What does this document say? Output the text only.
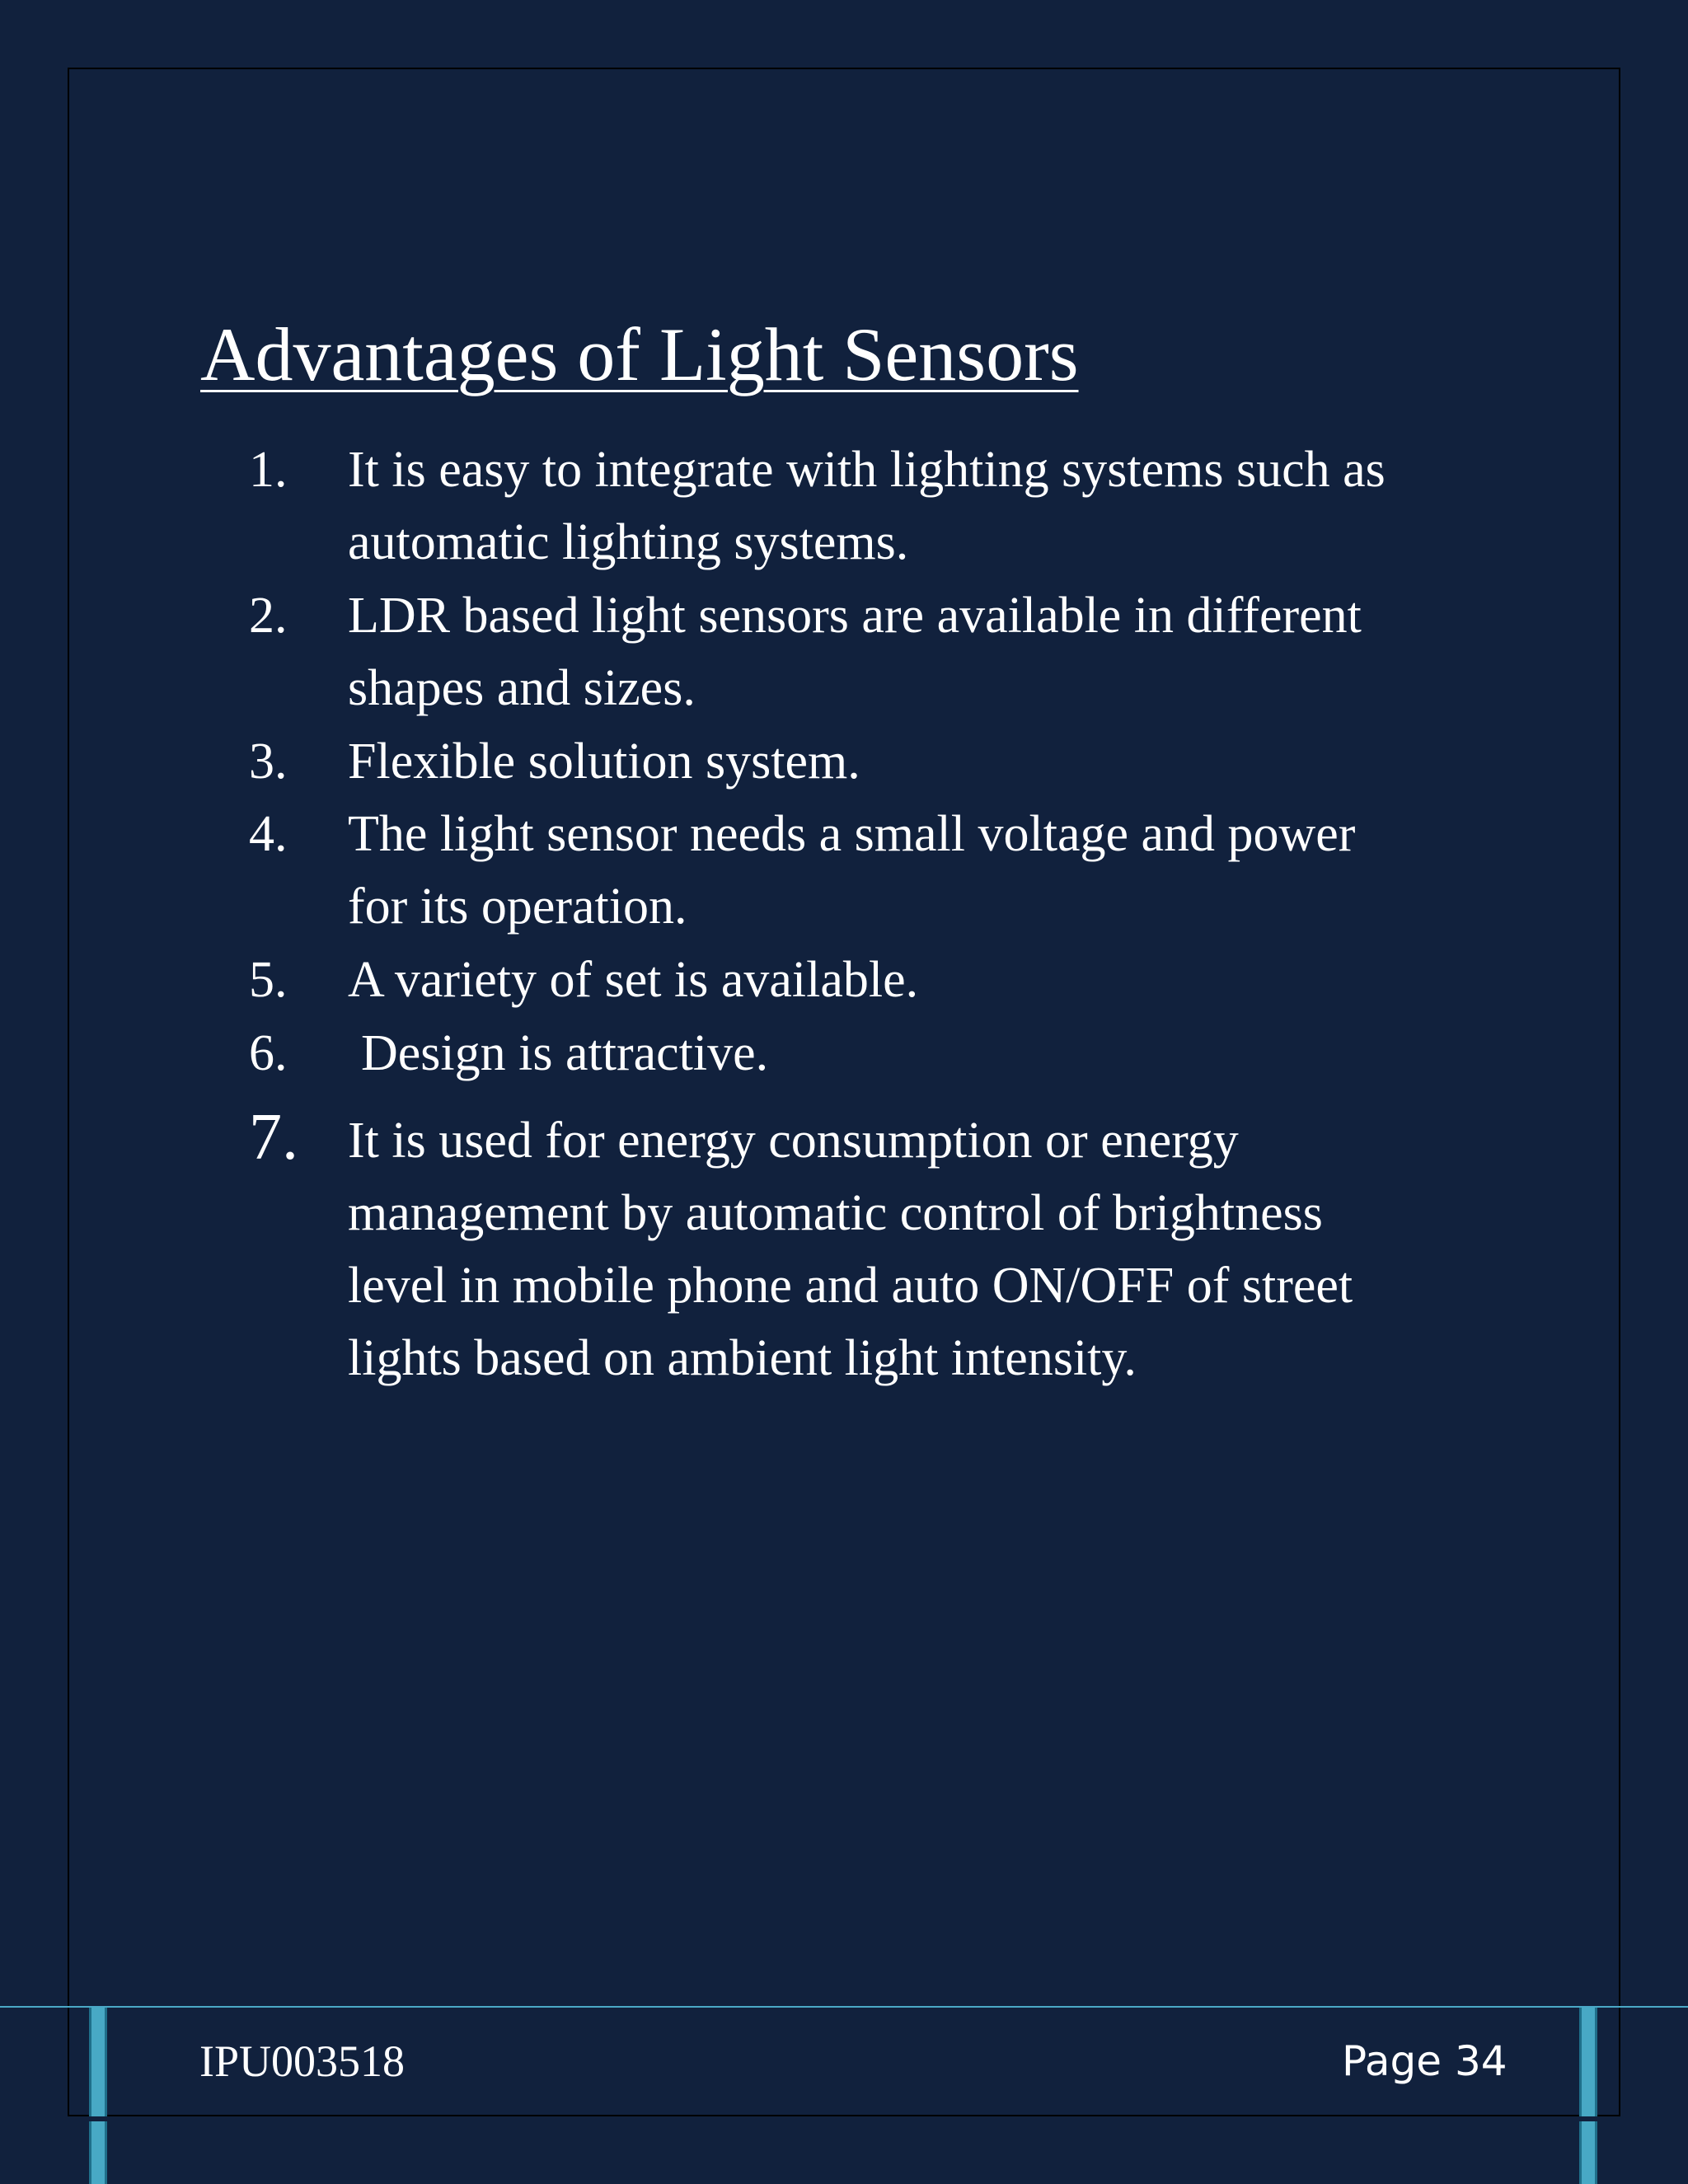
Advantages of Light Sensors
1. It is easy to integrate with lighting systems such as
automatic lighting systems.
2. LDR based light sensors are available in different
shapes and sizes.
3. Flexible solution system.
4. The light sensor needs a small voltage and power
for its operation.
5. A variety of set is available.
6. Design is attractive.
7. It is used for energy consumption or energy
management by automatic control of brightness
level in mobile phone and auto ON/OFF of street
lights based on ambient light intensity.
IPU003518	Page 34
